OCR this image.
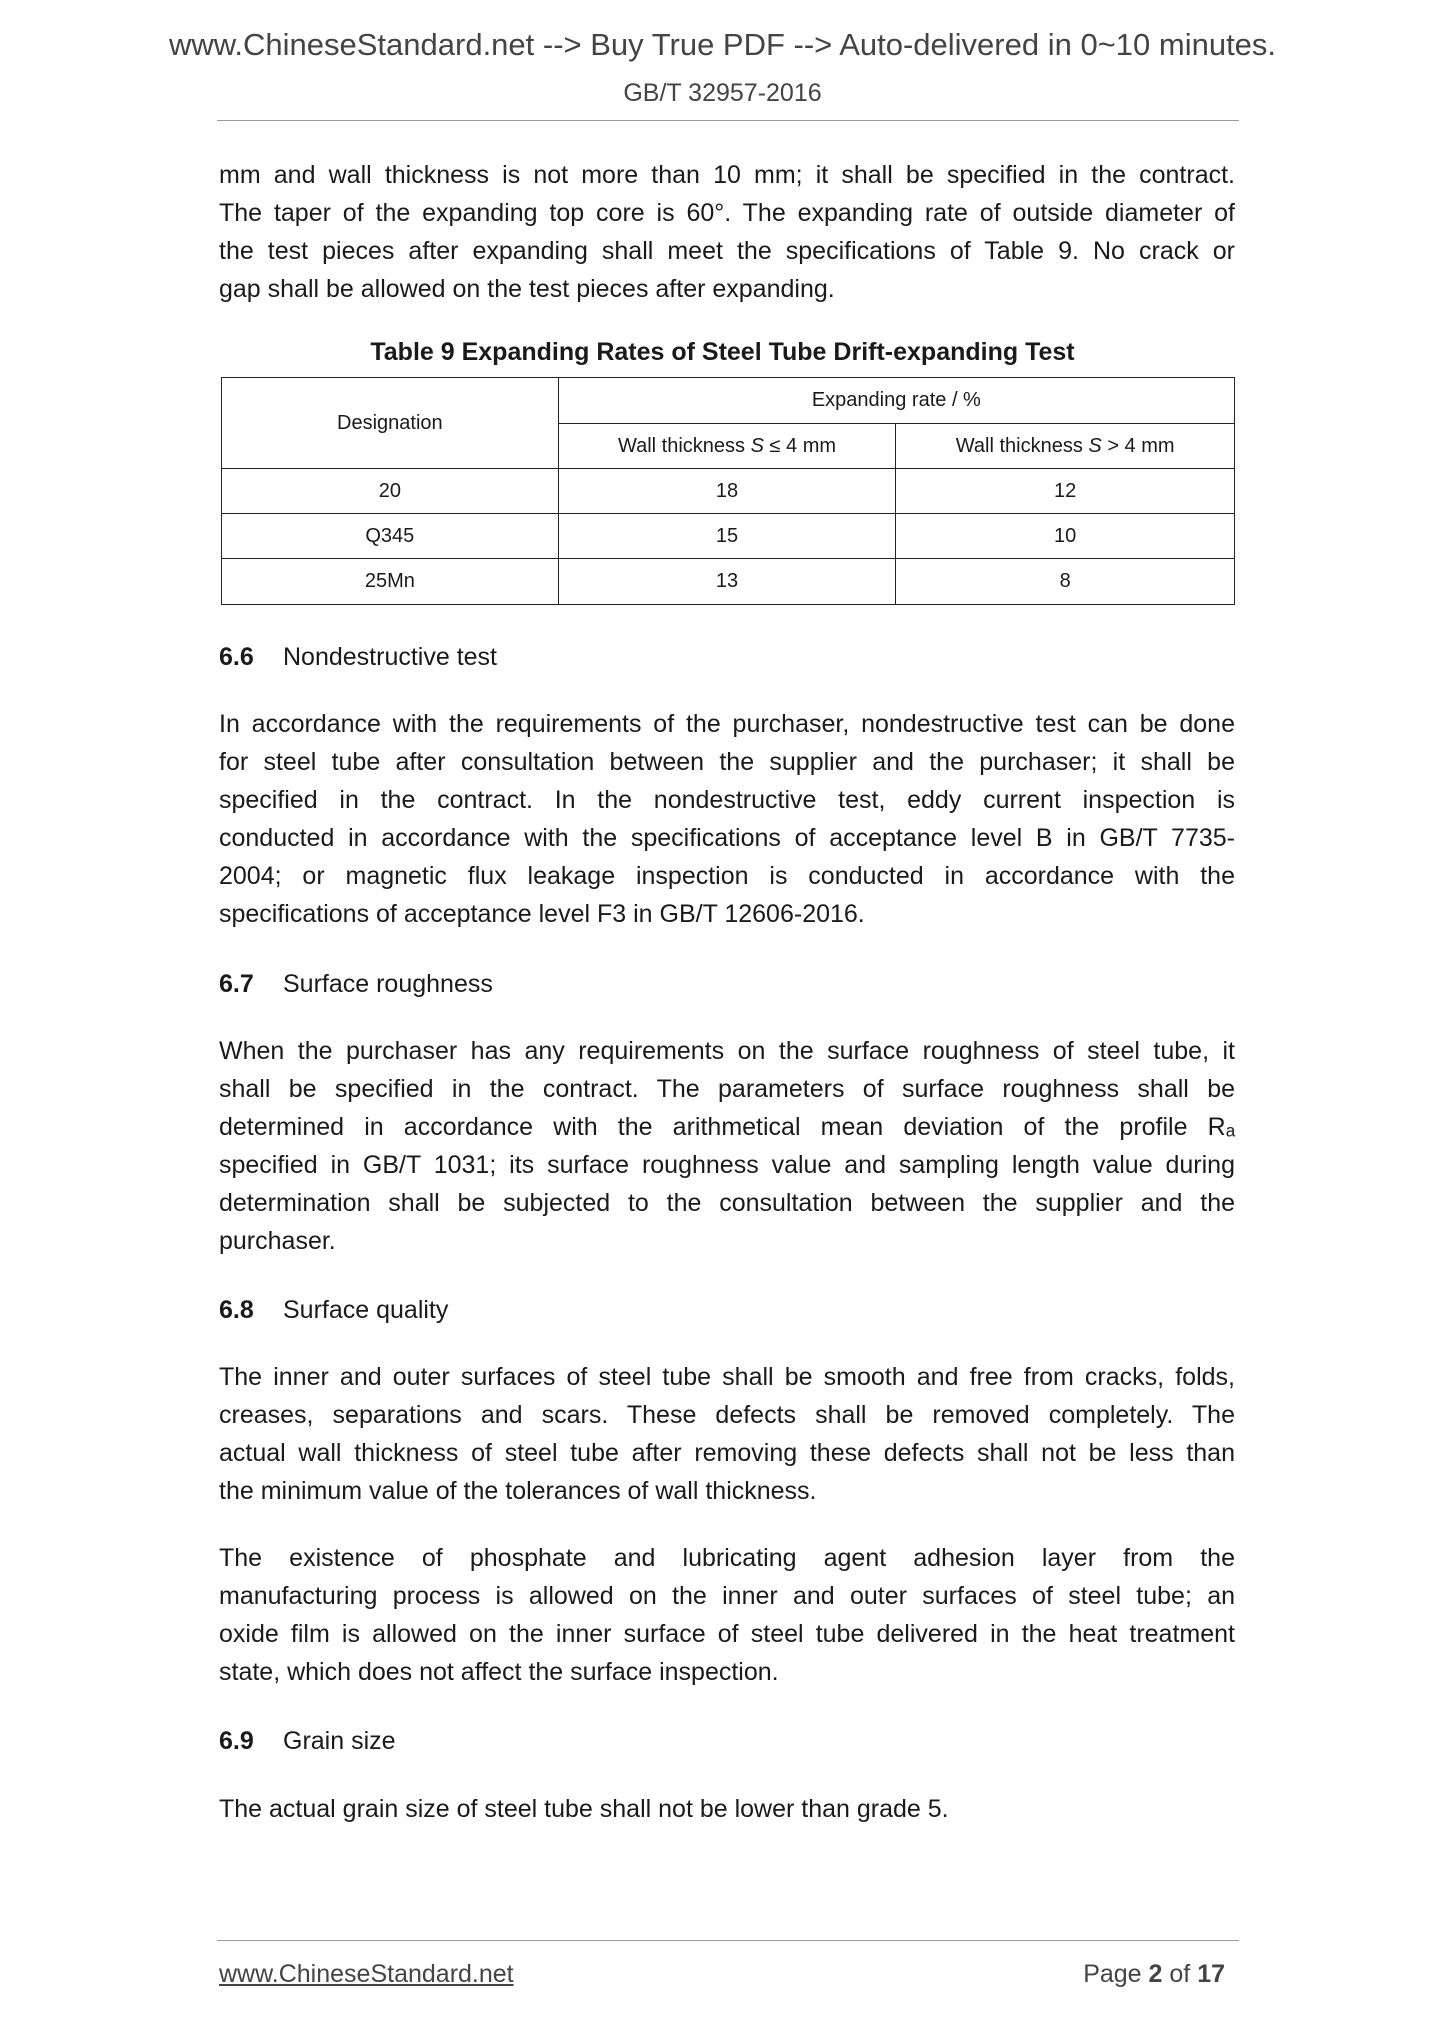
www.ChineseStandard.net --> Buy True PDF --> Auto-delivered in 0~10 minutes.
GB/T 32957-2016
mm and wall thickness is not more than 10 mm; it shall be specified in the contract.
The taper of the expanding top core is 60°. The expanding rate of outside diameter of
the test pieces after expanding shall meet the specifications of Table 9. No crack or
gap shall be allowed on the test pieces after expanding.
Table 9 Expanding Rates of Steel Tube Drift-expanding Test
Designation	Expanding rate / %	
	Wall thickness S ≤ 4 mm	Wall thickness S > 4 mm
20	18	12
Q345	15	10
25Mn	13	8
6.6 Nondestructive test
In accordance with the requirements of the purchaser, nondestructive test can be done
for steel tube after consultation between the supplier and the purchaser; it shall be
specified in the contract. In the nondestructive test, eddy current inspection is
conducted in accordance with the specifications of acceptance level B in GB/T 7735-
2004; or magnetic flux leakage inspection is conducted in accordance with the
specifications of acceptance level F3 in GB/T 12606-2016.
6.7 Surface roughness
When the purchaser has any requirements on the surface roughness of steel tube, it
shall be specified in the contract. The parameters of surface roughness shall be
determined in accordance with the arithmetical mean deviation of the profile Rₐ
specified in GB/T 1031; its surface roughness value and sampling length value during
determination shall be subjected to the consultation between the supplier and the
purchaser.
6.8 Surface quality
The inner and outer surfaces of steel tube shall be smooth and free from cracks, folds,
creases, separations and scars. These defects shall be removed completely. The
actual wall thickness of steel tube after removing these defects shall not be less than
the minimum value of the tolerances of wall thickness.
The existence of phosphate and lubricating agent adhesion layer from the
manufacturing process is allowed on the inner and outer surfaces of steel tube; an
oxide film is allowed on the inner surface of steel tube delivered in the heat treatment
state, which does not affect the surface inspection.
6.9 Grain size
The actual grain size of steel tube shall not be lower than grade 5.
www.ChineseStandard.net	Page 2 of 17
